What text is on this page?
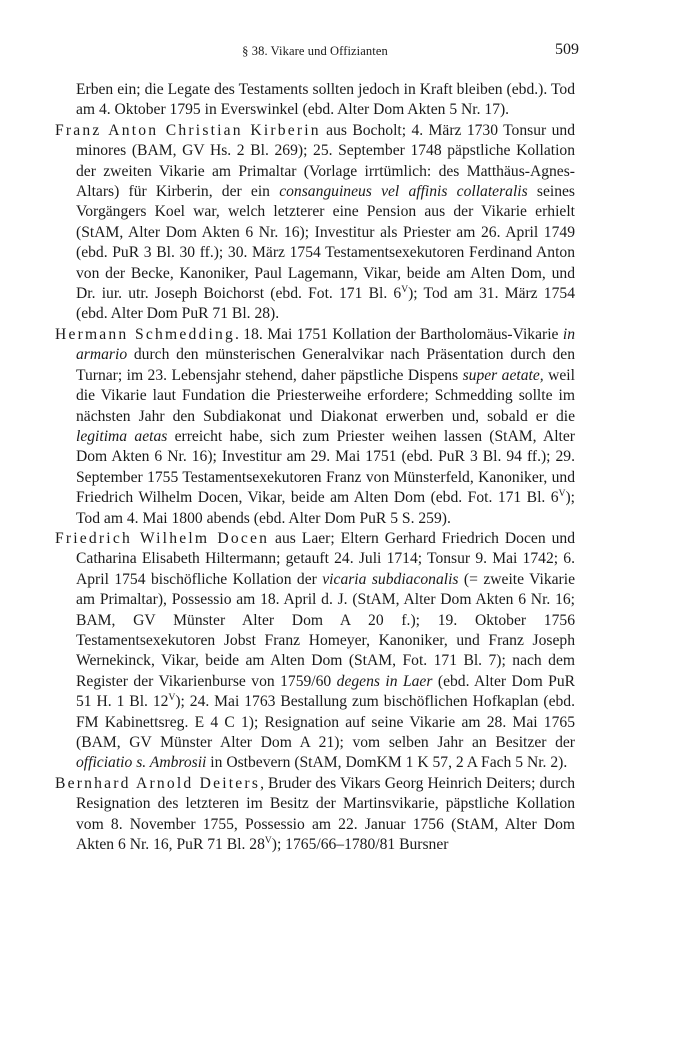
§ 38. Vikare und Offizianten	509

Erben ein; die Legate des Testaments sollten jedoch in Kraft bleiben (ebd.). Tod am 4. Oktober 1795 in Everswinkel (ebd. Alter Dom Akten 5 Nr. 17).

Franz Anton Christian Kirberin aus Bocholt; 4. März 1730 Tonsur und minores (BAM, GV Hs. 2 Bl. 269); 25. September 1748 päpstliche Kollation der zweiten Vikarie am Primaltar (Vorlage irrtümlich: des Matthäus-Agnes-Altars) für Kirberin, der ein consanguineus vel affinis collateralis seines Vorgängers Koel war, welch letzterer eine Pension aus der Vikarie erhielt (StAM, Alter Dom Akten 6 Nr. 16); Investitur als Priester am 26. April 1749 (ebd. PuR 3 Bl. 30 ff.); 30. März 1754 Testamentsexekutoren Ferdinand Anton von der Becke, Kanoniker, Paul Lagemann, Vikar, beide am Alten Dom, und Dr. iur. utr. Joseph Boichorst (ebd. Fot. 171 Bl. $6^V$); Tod am 31. März 1754 (ebd. Alter Dom PuR 71 Bl. 28).

Hermann Schmedding. 18. Mai 1751 Kollation der Bartholomäus-Vikarie in armario durch den münsterischen Generalvikar nach Präsentation durch den Turnar; im 23. Lebensjahr stehend, daher päpstliche Dispens super aetate, weil die Vikarie laut Fundation die Priesterweihe erfordere; Schmedding sollte im nächsten Jahr den Subdiakonat und Diakonat erwerben und, sobald er die legitima aetas erreicht habe, sich zum Priester weihen lassen (StAM, Alter Dom Akten 6 Nr. 16); Investitur am 29. Mai 1751 (ebd. PuR 3 Bl. 94 ff.); 29. September 1755 Testamentsexekutoren Franz von Münsterfeld, Kanoniker, und Friedrich Wilhelm Docen, Vikar, beide am Alten Dom (ebd. Fot. 171 Bl. $6^V$); Tod am 4. Mai 1800 abends (ebd. Alter Dom PuR 5 S. 259).

Friedrich Wilhelm Docen aus Laer; Eltern Gerhard Friedrich Docen und Catharina Elisabeth Hiltermann; getauft 24. Juli 1714; Tonsur 9. Mai 1742; 6. April 1754 bischöfliche Kollation der vicaria subdiaconalis (= zweite Vikarie am Primaltar), Possessio am 18. April d. J. (StAM, Alter Dom Akten 6 Nr. 16; BAM, GV Münster Alter Dom A 20 f.); 19. Oktober 1756 Testamentsexekutoren Jobst Franz Homeyer, Kanoniker, und Franz Joseph Wernekinck, Vikar, beide am Alten Dom (StAM, Fot. 171 Bl. 7); nach dem Register der Vikarienburse von 1759/60 degens in Laer (ebd. Alter Dom PuR 51 H. 1 Bl. $12^V$); 24. Mai 1763 Bestallung zum bischöflichen Hofkaplan (ebd. FM Kabinettsreg. E 4 C 1); Resignation auf seine Vikarie am 28. Mai 1765 (BAM, GV Münster Alter Dom A 21); vom selben Jahr an Besitzer der officiatio s. Ambrosii in Ostbevern (StAM, DomKM 1 K 57, 2 A Fach 5 Nr. 2).

Bernhard Arnold Deiters, Bruder des Vikars Georg Heinrich Deiters; durch Resignation des letzteren im Besitz der Martinsvikarie, päpstliche Kollation vom 8. November 1755, Possessio am 22. Januar 1756 (StAM, Alter Dom Akten 6 Nr. 16, PuR 71 Bl. $28^V$); 1765/66–1780/81 Bursner
